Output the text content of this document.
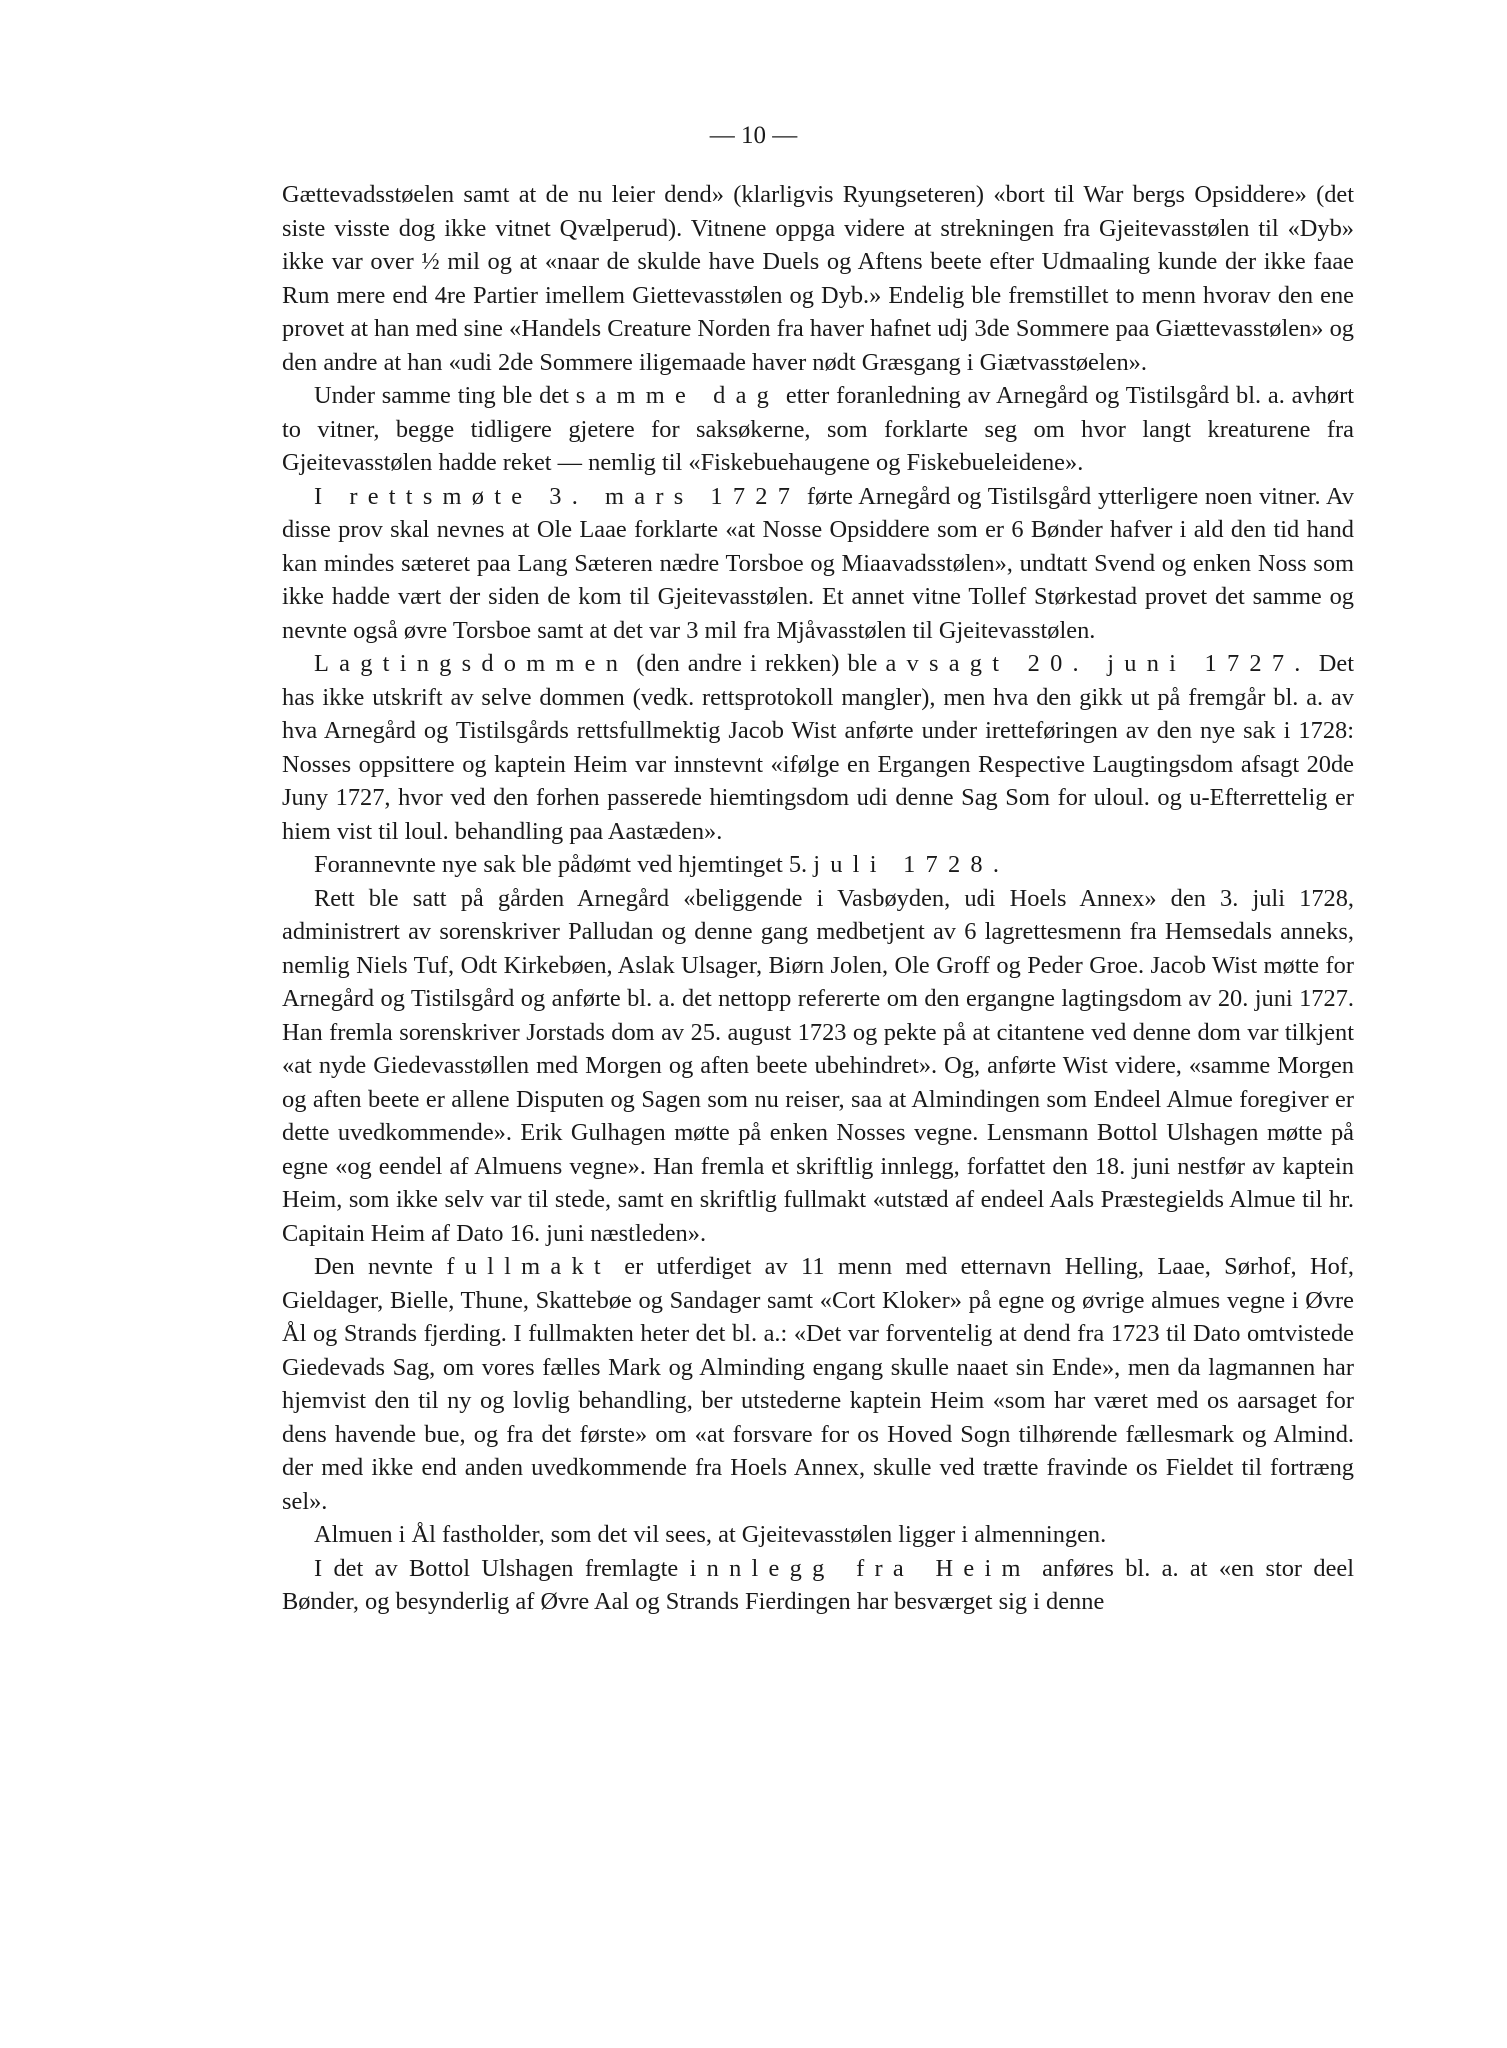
— 10 —

Gættevadsstøelen samt at de nu leier dend» (klarligvis Ryungseteren) «bort til War bergs Opsiddere» (det siste visste dog ikke vitnet Qvælperud). Vitnene oppga videre at strekningen fra Gjeitevasstølen til «Dyb» ikke var over ½ mil og at «naar de skulde have Duels og Aftens beete efter Udmaaling kunde der ikke faae Rum mere end 4re Partier imellem Giettevasstølen og Dyb.» Endelig ble fremstillet to menn hvorav den ene provet at han med sine «Handels Creature Norden fra haver hafnet udj 3de Sommere paa Giættevasstølen» og den andre at han «udi 2de Sommere iligemaade haver nødt Græsgang i Giætvasstøelen».

Under samme ting ble det samme dag etter foranledning av Arnegård og Tistilsgård bl. a. avhørt to vitner, begge tidligere gjetere for saksøkerne, som forklarte seg om hvor langt kreaturene fra Gjeitevasstølen hadde reket — nemlig til «Fiskebuehaugene og Fiskebueleidene».

I rettsmøte 3. mars 1727 førte Arnegård og Tistilsgård ytterligere noen vitner. Av disse prov skal nevnes at Ole Laae forklarte «at Nosse Opsiddere som er 6 Bønder hafver i ald den tid hand kan mindes sæteret paa Lang Sæteren nædre Torsboe og Miaavadsstølen», undtatt Svend og enken Noss som ikke hadde vært der siden de kom til Gjeitevasstølen. Et annet vitne Tollef Størkestad provet det samme og nevnte også øvre Torsboe samt at det var 3 mil fra Mjåvasstølen til Gjeitevasstølen.

Lagtingsdommen (den andre i rekken) ble avsagt 20. juni 1727. Det has ikke utskrift av selve dommen (vedk. rettsprotokoll mangler), men hva den gikk ut på fremgår bl. a. av hva Arnegård og Tistilsgårds rettsfullmektig Jacob Wist anførte under iretteføringen av den nye sak i 1728: Nosses oppsittere og kaptein Heim var innstevnt «ifølge en Ergangen Respective Laugtingsdom afsagt 20de Juny 1727, hvor ved den forhen passerede hiemtingsdom udi denne Sag Som for uloul. og u-Efterrettelig er hiem vist til loul. behandling paa Aastæden».

Forannevnte nye sak ble pådømt ved hjemtinget 5. juli 1728.

Rett ble satt på gården Arnegård «beliggende i Vasbøyden, udi Hoels Annex» den 3. juli 1728, administrert av sorenskriver Palludan og denne gang medbetjent av 6 lagrettesmenn fra Hemsedals anneks, nemlig Niels Tuf, Odt Kirkebøen, Aslak Ulsager, Biørn Jolen, Ole Groff og Peder Groe. Jacob Wist møtte for Arnegård og Tistilsgård og anførte bl. a. det nettopp refererte om den ergangne lagtingsdom av 20. juni 1727. Han fremla sorenskriver Jorstads dom av 25. august 1723 og pekte på at citantene ved denne dom var tilkjent «at nyde Giedevasstøllen med Morgen og aften beete ubehindret». Og, anførte Wist videre, «samme Morgen og aften beete er allene Disputen og Sagen som nu reiser, saa at Almindingen som Endeel Almue foregiver er dette uvedkommende». Erik Gulhagen møtte på enken Nosses vegne. Lensmann Bottol Ulshagen møtte på egne «og eendel af Almuens vegne». Han fremla et skriftlig innlegg, forfattet den 18. juni nestfør av kaptein Heim, som ikke selv var til stede, samt en skriftlig fullmakt «utstæd af endeel Aals Præstegields Almue til hr. Capitain Heim af Dato 16. juni næstleden».

Den nevnte fullmakt er utferdiget av 11 menn med etternavn Helling, Laae, Sørhof, Hof, Gieldager, Bielle, Thune, Skattebøe og Sandager samt «Cort Kloker» på egne og øvrige almues vegne i Øvre Ål og Strands fjerding. I fullmakten heter det bl. a.: «Det var forventelig at dend fra 1723 til Dato omtvistede Giedevads Sag, om vores fælles Mark og Alminding engang skulle naaet sin Ende», men da lagmannen har hjemvist den til ny og lovlig behandling, ber utstederne kaptein Heim «som har været med os aarsaget for dens havende bue, og fra det første» om «at forsvare for os Hoved Sogn tilhørende fællesmark og Almind. der med ikke end anden uvedkommende fra Hoels Annex, skulle ved trætte fravinde os Fieldet til fortræng sel».

Almuen i Ål fastholder, som det vil sees, at Gjeitevasstølen ligger i almenningen.

I det av Bottol Ulshagen fremlagte innlegg fra Heim anføres bl. a. at «en stor deel Bønder, og besynderlig af Øvre Aal og Strands Fierdingen har besværget sig i denne
